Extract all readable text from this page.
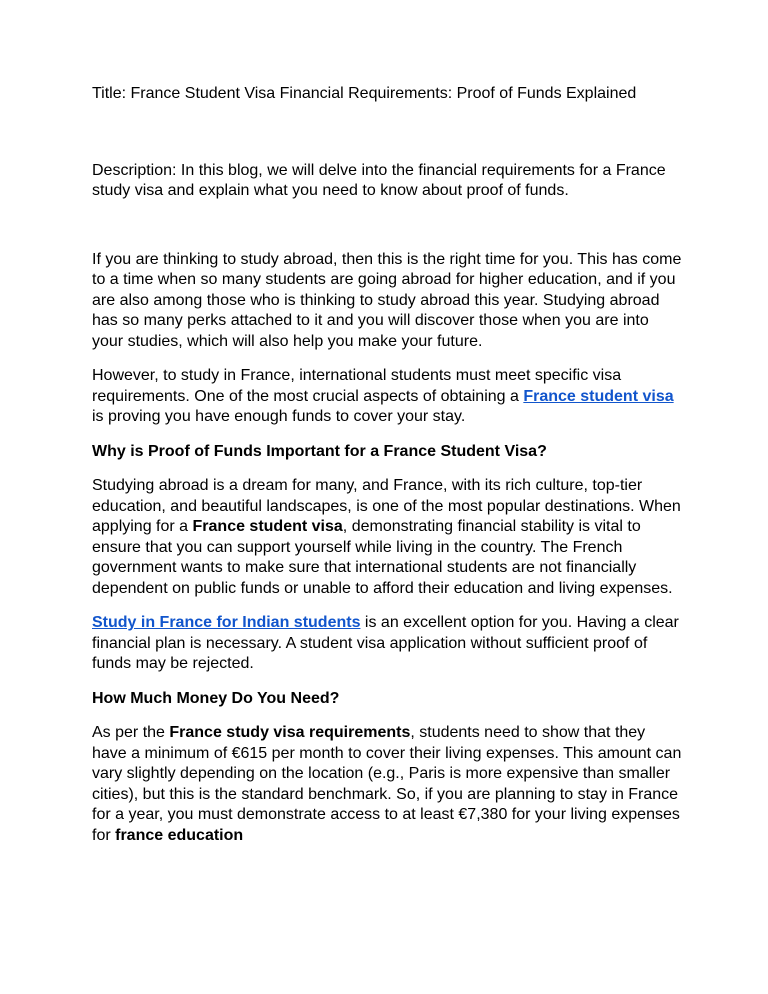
Title: France Student Visa Financial Requirements: Proof of Funds Explained

Description: In this blog, we will delve into the financial requirements for a France study visa and explain what you need to know about proof of funds.

If you are thinking to study abroad, then this is the right time for you. This has come to a time when so many students are going abroad for higher education, and if you are also among those who is thinking to study abroad this year. Studying abroad has so many perks attached to it and you will discover those when you are into your studies, which will also help you make your future.

However, to study in France, international students must meet specific visa requirements. One of the most crucial aspects of obtaining a France student visa is proving you have enough funds to cover your stay.

Why is Proof of Funds Important for a France Student Visa?

Studying abroad is a dream for many, and France, with its rich culture, top-tier education, and beautiful landscapes, is one of the most popular destinations. When applying for a France student visa, demonstrating financial stability is vital to ensure that you can support yourself while living in the country. The French government wants to make sure that international students are not financially dependent on public funds or unable to afford their education and living expenses.

Study in France for Indian students is an excellent option for you. Having a clear financial plan is necessary. A student visa application without sufficient proof of funds may be rejected.

How Much Money Do You Need?

As per the France study visa requirements, students need to show that they have a minimum of €615 per month to cover their living expenses. This amount can vary slightly depending on the location (e.g., Paris is more expensive than smaller cities), but this is the standard benchmark. So, if you are planning to stay in France for a year, you must demonstrate access to at least €7,380 for your living expenses for france education
